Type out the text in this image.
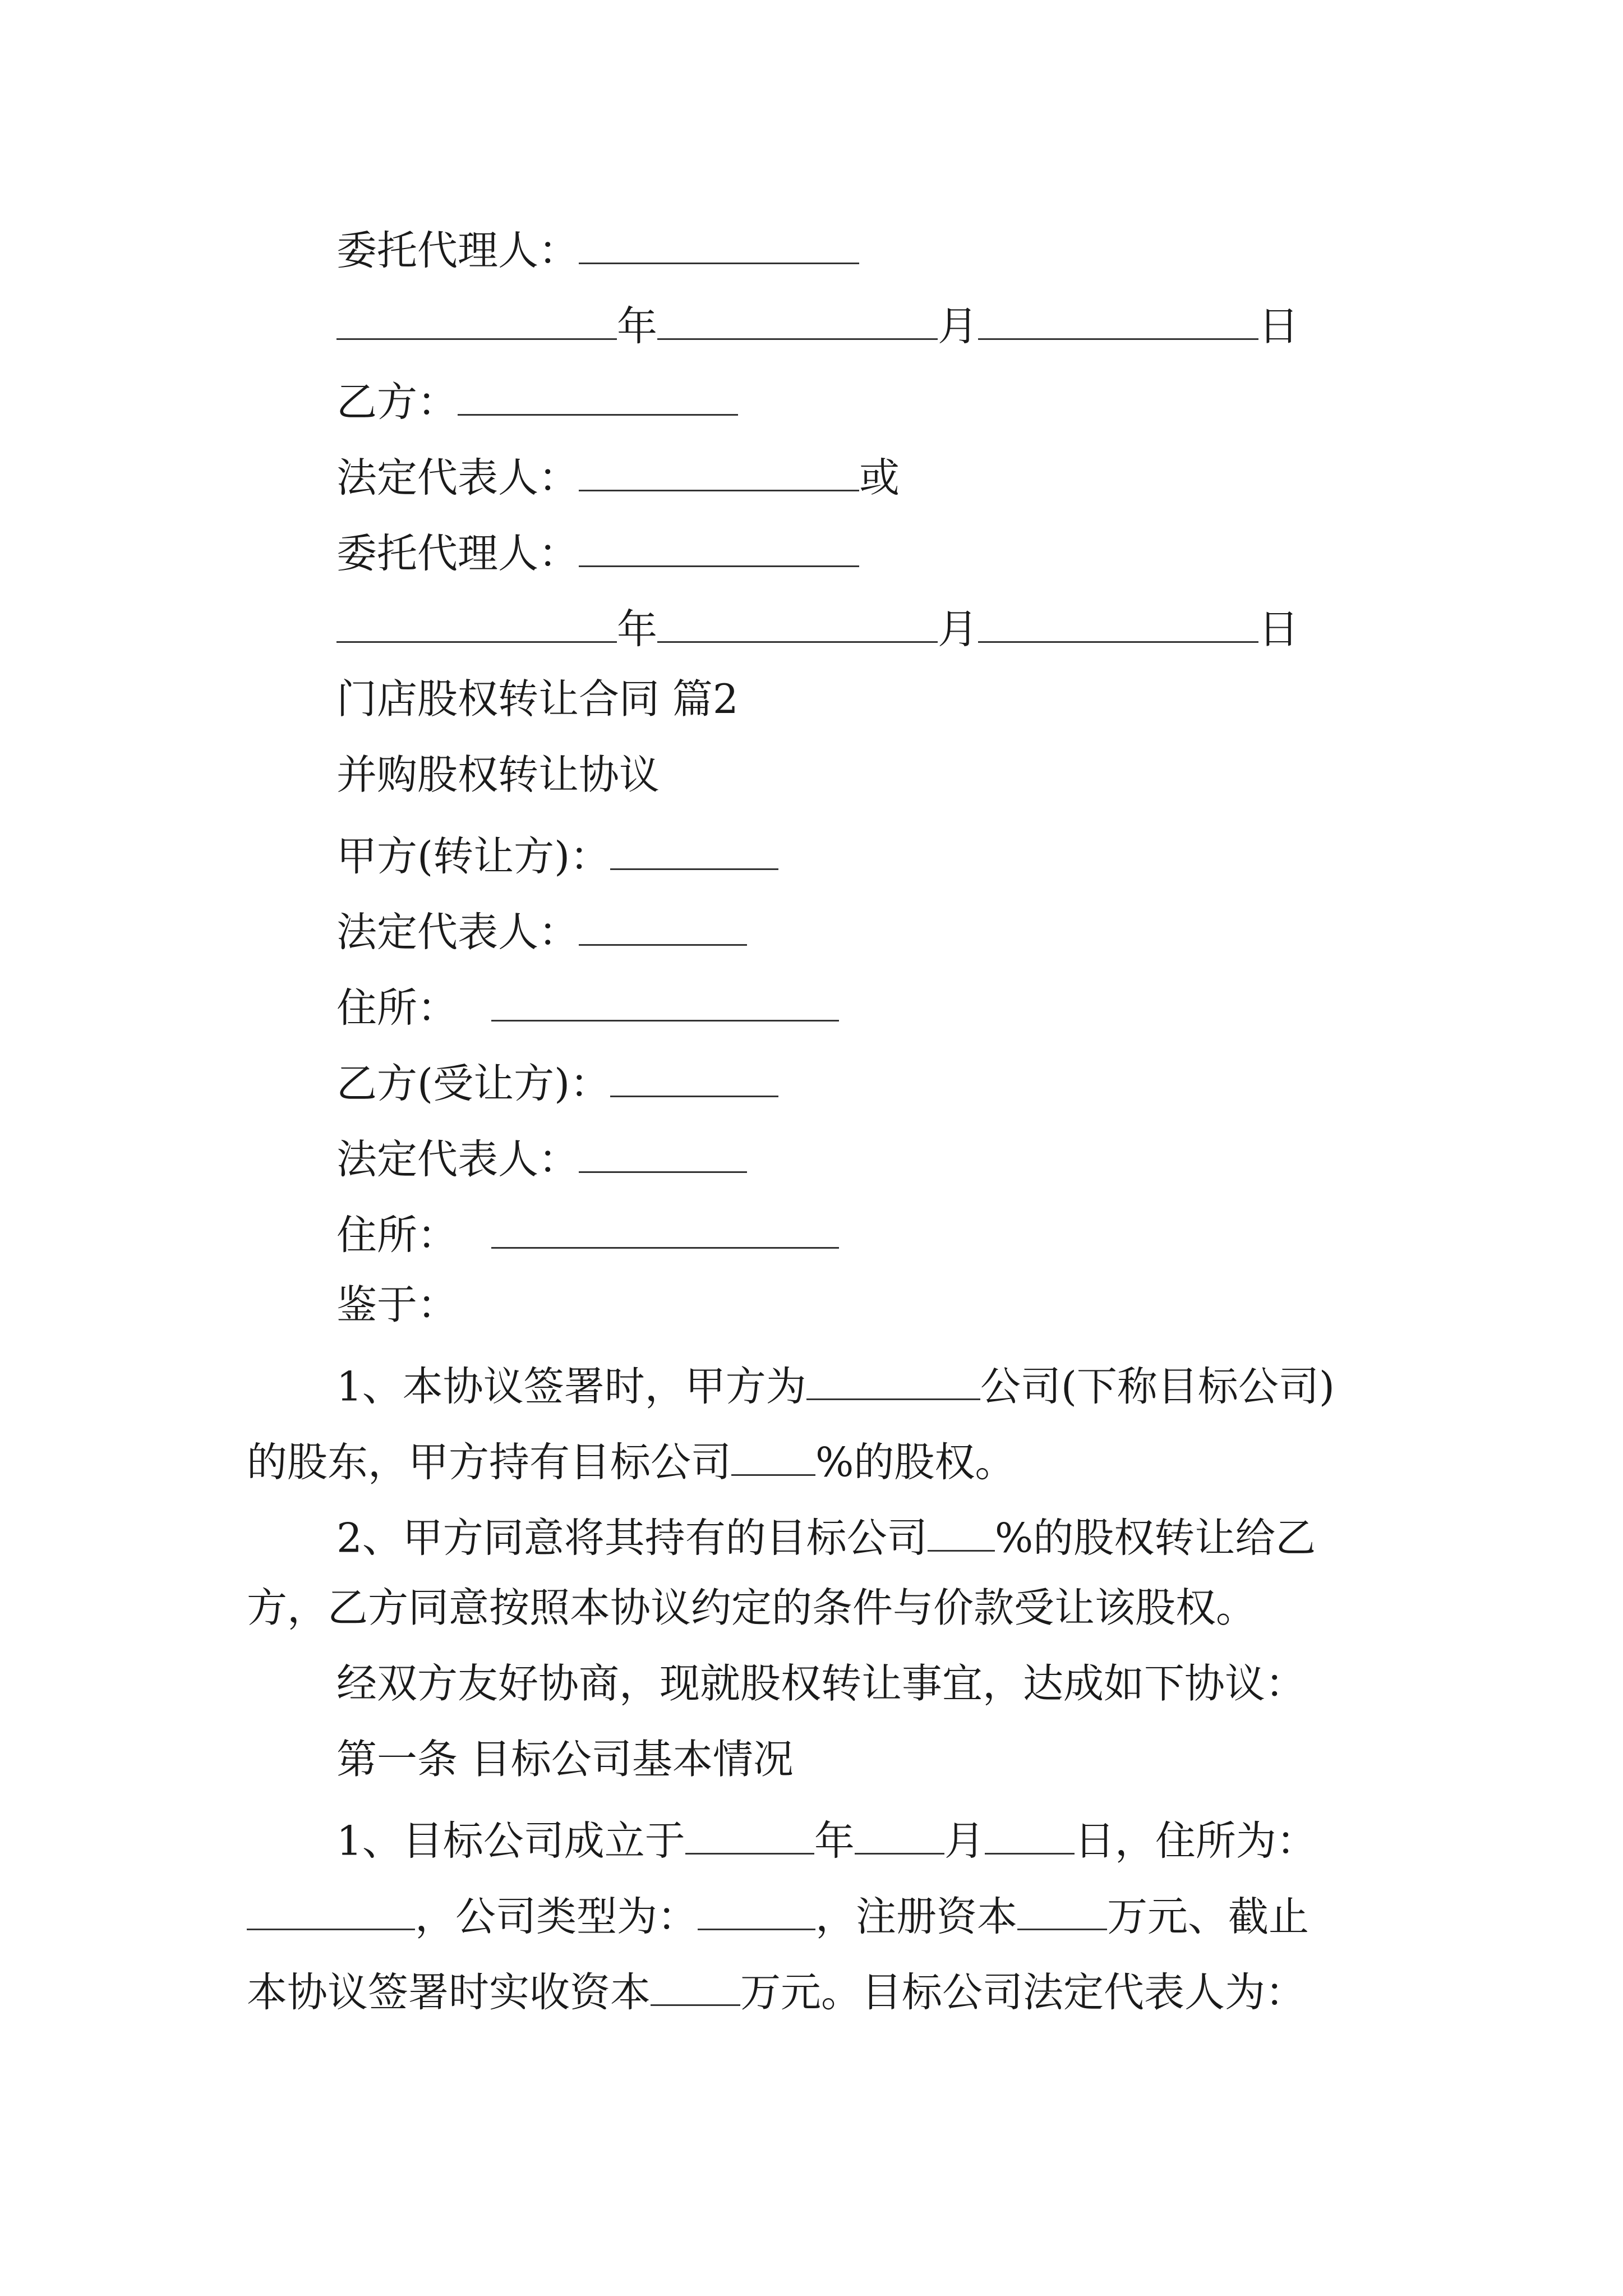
委托代理人：
年	月	日
乙方：
法定代表人：	或
委托代理人：
年	月	日
门店股权转让合同 篇2
并购股权转让协议
甲方(转让方)：
法定代表人：
住所：
乙方(受让方)：
法定代表人：
住所：
鉴于：
1、本协议签署时，甲方为	公司(下称目标公司)
的股东，甲方持有目标公司 %的股权。
2、甲方同意将其持有的目标公司 %的股权转让给乙
方，乙方同意按照本协议约定的条件与价款受让该股权。
经双方友好协商，现就股权转让事宜，达成如下协议：
第一条 目标公司基本情况
1、目标公司成立于	年 月 日，住所为：
，公司类型为：	，注册资本 万元、截止
本协议签署时实收资本 万元。目标公司法定代表人为：
